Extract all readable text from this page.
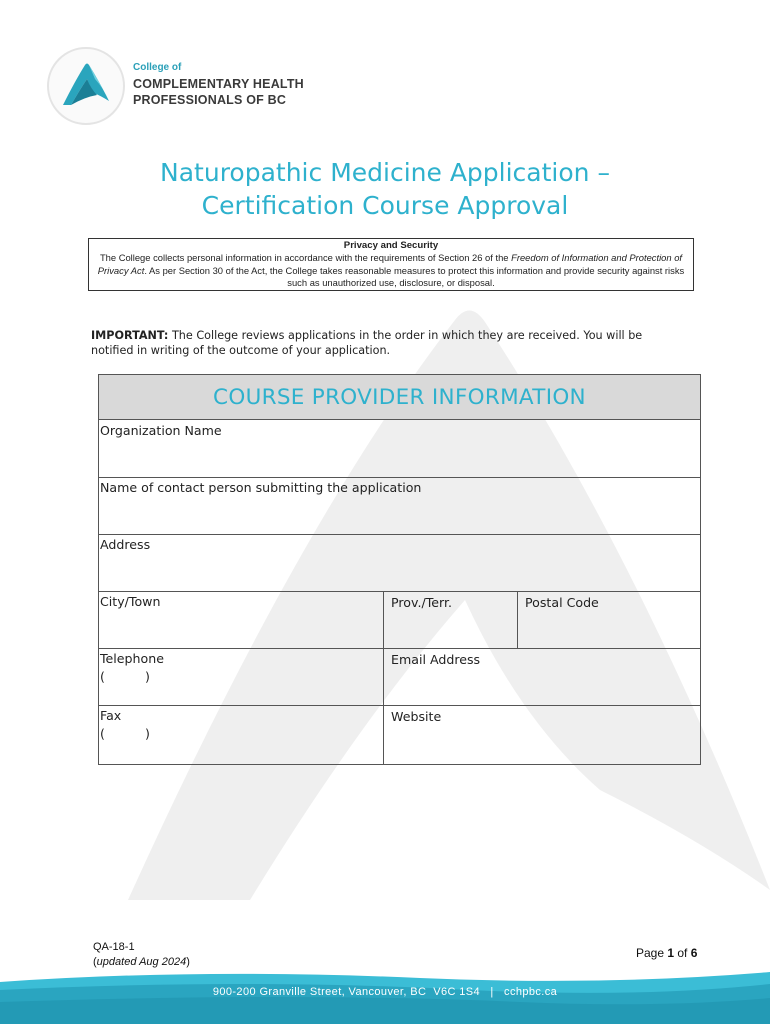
College of
COMPLEMENTARY HEALTH
PROFESSIONALS OF BC
Naturopathic Medicine Application –
Certification Course Approval
Privacy and Security
The College collects personal information in accordance with the requirements of Section 26 of the Freedom of Information and Protection of Privacy Act. As per Section 30 of the Act, the College takes reasonable measures to protect this information and provide security against risks such as unauthorized use, disclosure, or disposal.
IMPORTANT: The College reviews applications in the order in which they are received. You will be notified in writing of the outcome of your application.
COURSE PROVIDER INFORMATION
Organization Name
Name of contact person submitting the application
Address
City/Town	Prov./Terr.	Postal Code
Telephone
(          )
Email Address
Fax
(          )
Website
QA-18-1
(updated Aug 2024)
Page 1 of 6
900-200 Granville Street, Vancouver, BC  V6C 1S4   |   cchpbc.ca
